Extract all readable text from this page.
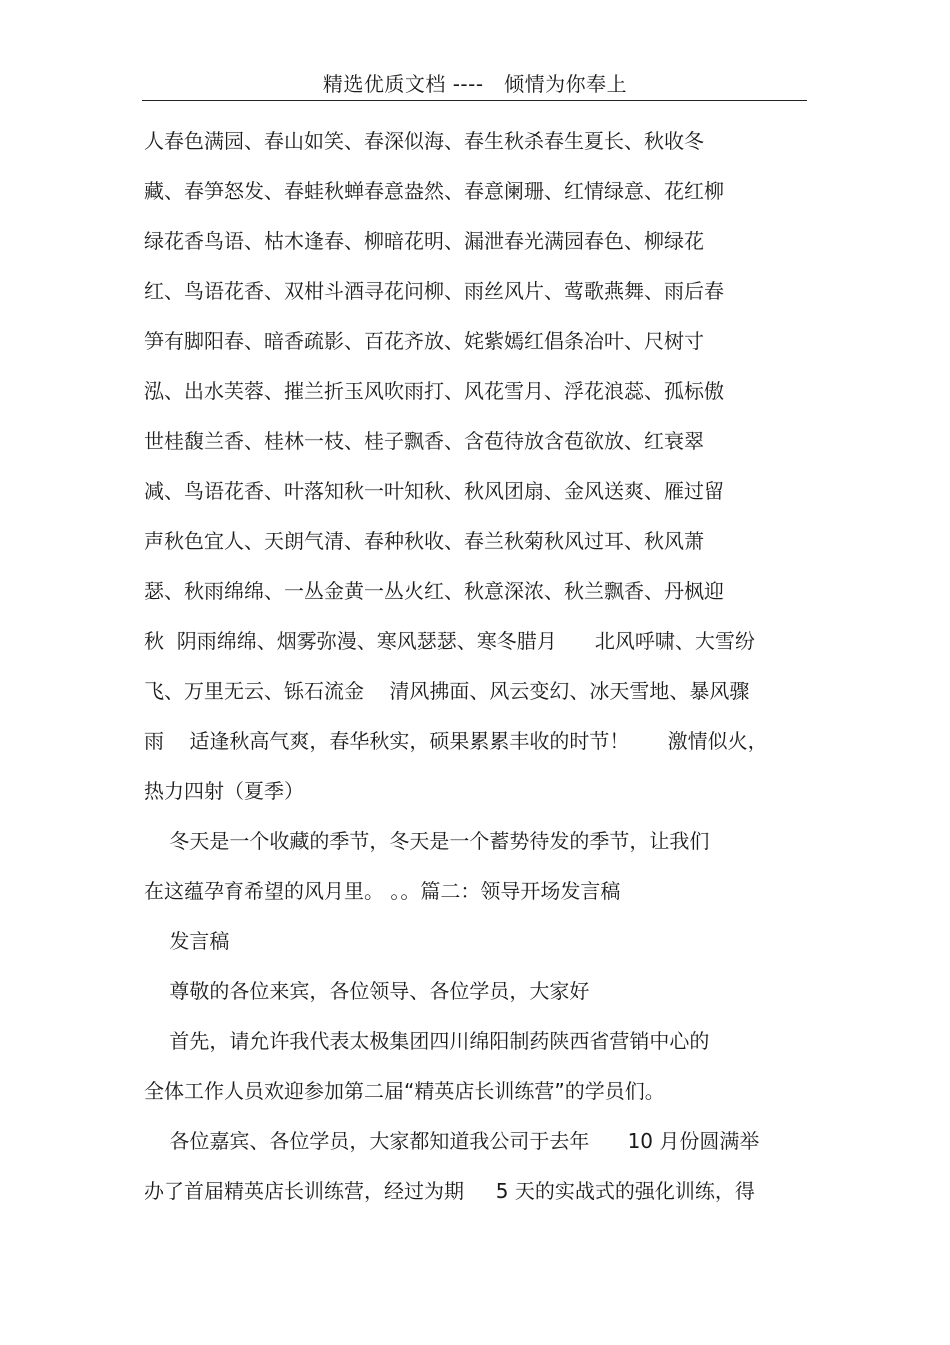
精选优质文档 ----   倾情为你奉上
人春色满园、春山如笑、春深似海、春生秋杀春生夏长、秋收冬
藏、春笋怒发、春蛙秋蝉春意盎然、春意阑珊、红情绿意、花红柳
绿花香鸟语、枯木逢春、柳暗花明、漏泄春光满园春色、柳绿花
红、鸟语花香、双柑斗酒寻花问柳、雨丝风片、莺歌燕舞、雨后春
笋有脚阳春、暗香疏影、百花齐放、姹紫嫣红倡条冶叶、尺树寸
泓、出水芙蓉、摧兰折玉风吹雨打、风花雪月、浮花浪蕊、孤标傲
世桂馥兰香、桂林一枝、桂子飘香、含苞待放含苞欲放、红衰翠
减、鸟语花香、叶落知秋一叶知秋、秋风团扇、金风送爽、雁过留
声秋色宜人、天朗气清、春种秋收、春兰秋菊秋风过耳、秋风萧
瑟、秋雨绵绵、一丛金黄一丛火红、秋意深浓、秋兰飘香、丹枫迎
秋  阴雨绵绵、烟雾弥漫、寒风瑟瑟、寒冬腊月      北风呼啸、大雪纷
飞、万里无云、铄石流金    清风拂面、风云变幻、冰天雪地、暴风骤
雨    适逢秋高气爽，春华秋实，硕果累累丰收的时节！      激情似火，
热力四射（夏季）
冬天是一个收藏的季节，冬天是一个蓄势待发的季节，让我们
在这蕴孕育希望的风月里。 。。篇二：领导开场发言稿
发言稿
尊敬的各位来宾，各位领导、各位学员，大家好
首先，请允许我代表太极集团四川绵阳制药陕西省营销中心的
全体工作人员欢迎参加第二届“精英店长训练营”的学员们。
各位嘉宾、各位学员，大家都知道我公司于去年      10 月份圆满举
办了首届精英店长训练营，经过为期     5 天的实战式的强化训练，得
